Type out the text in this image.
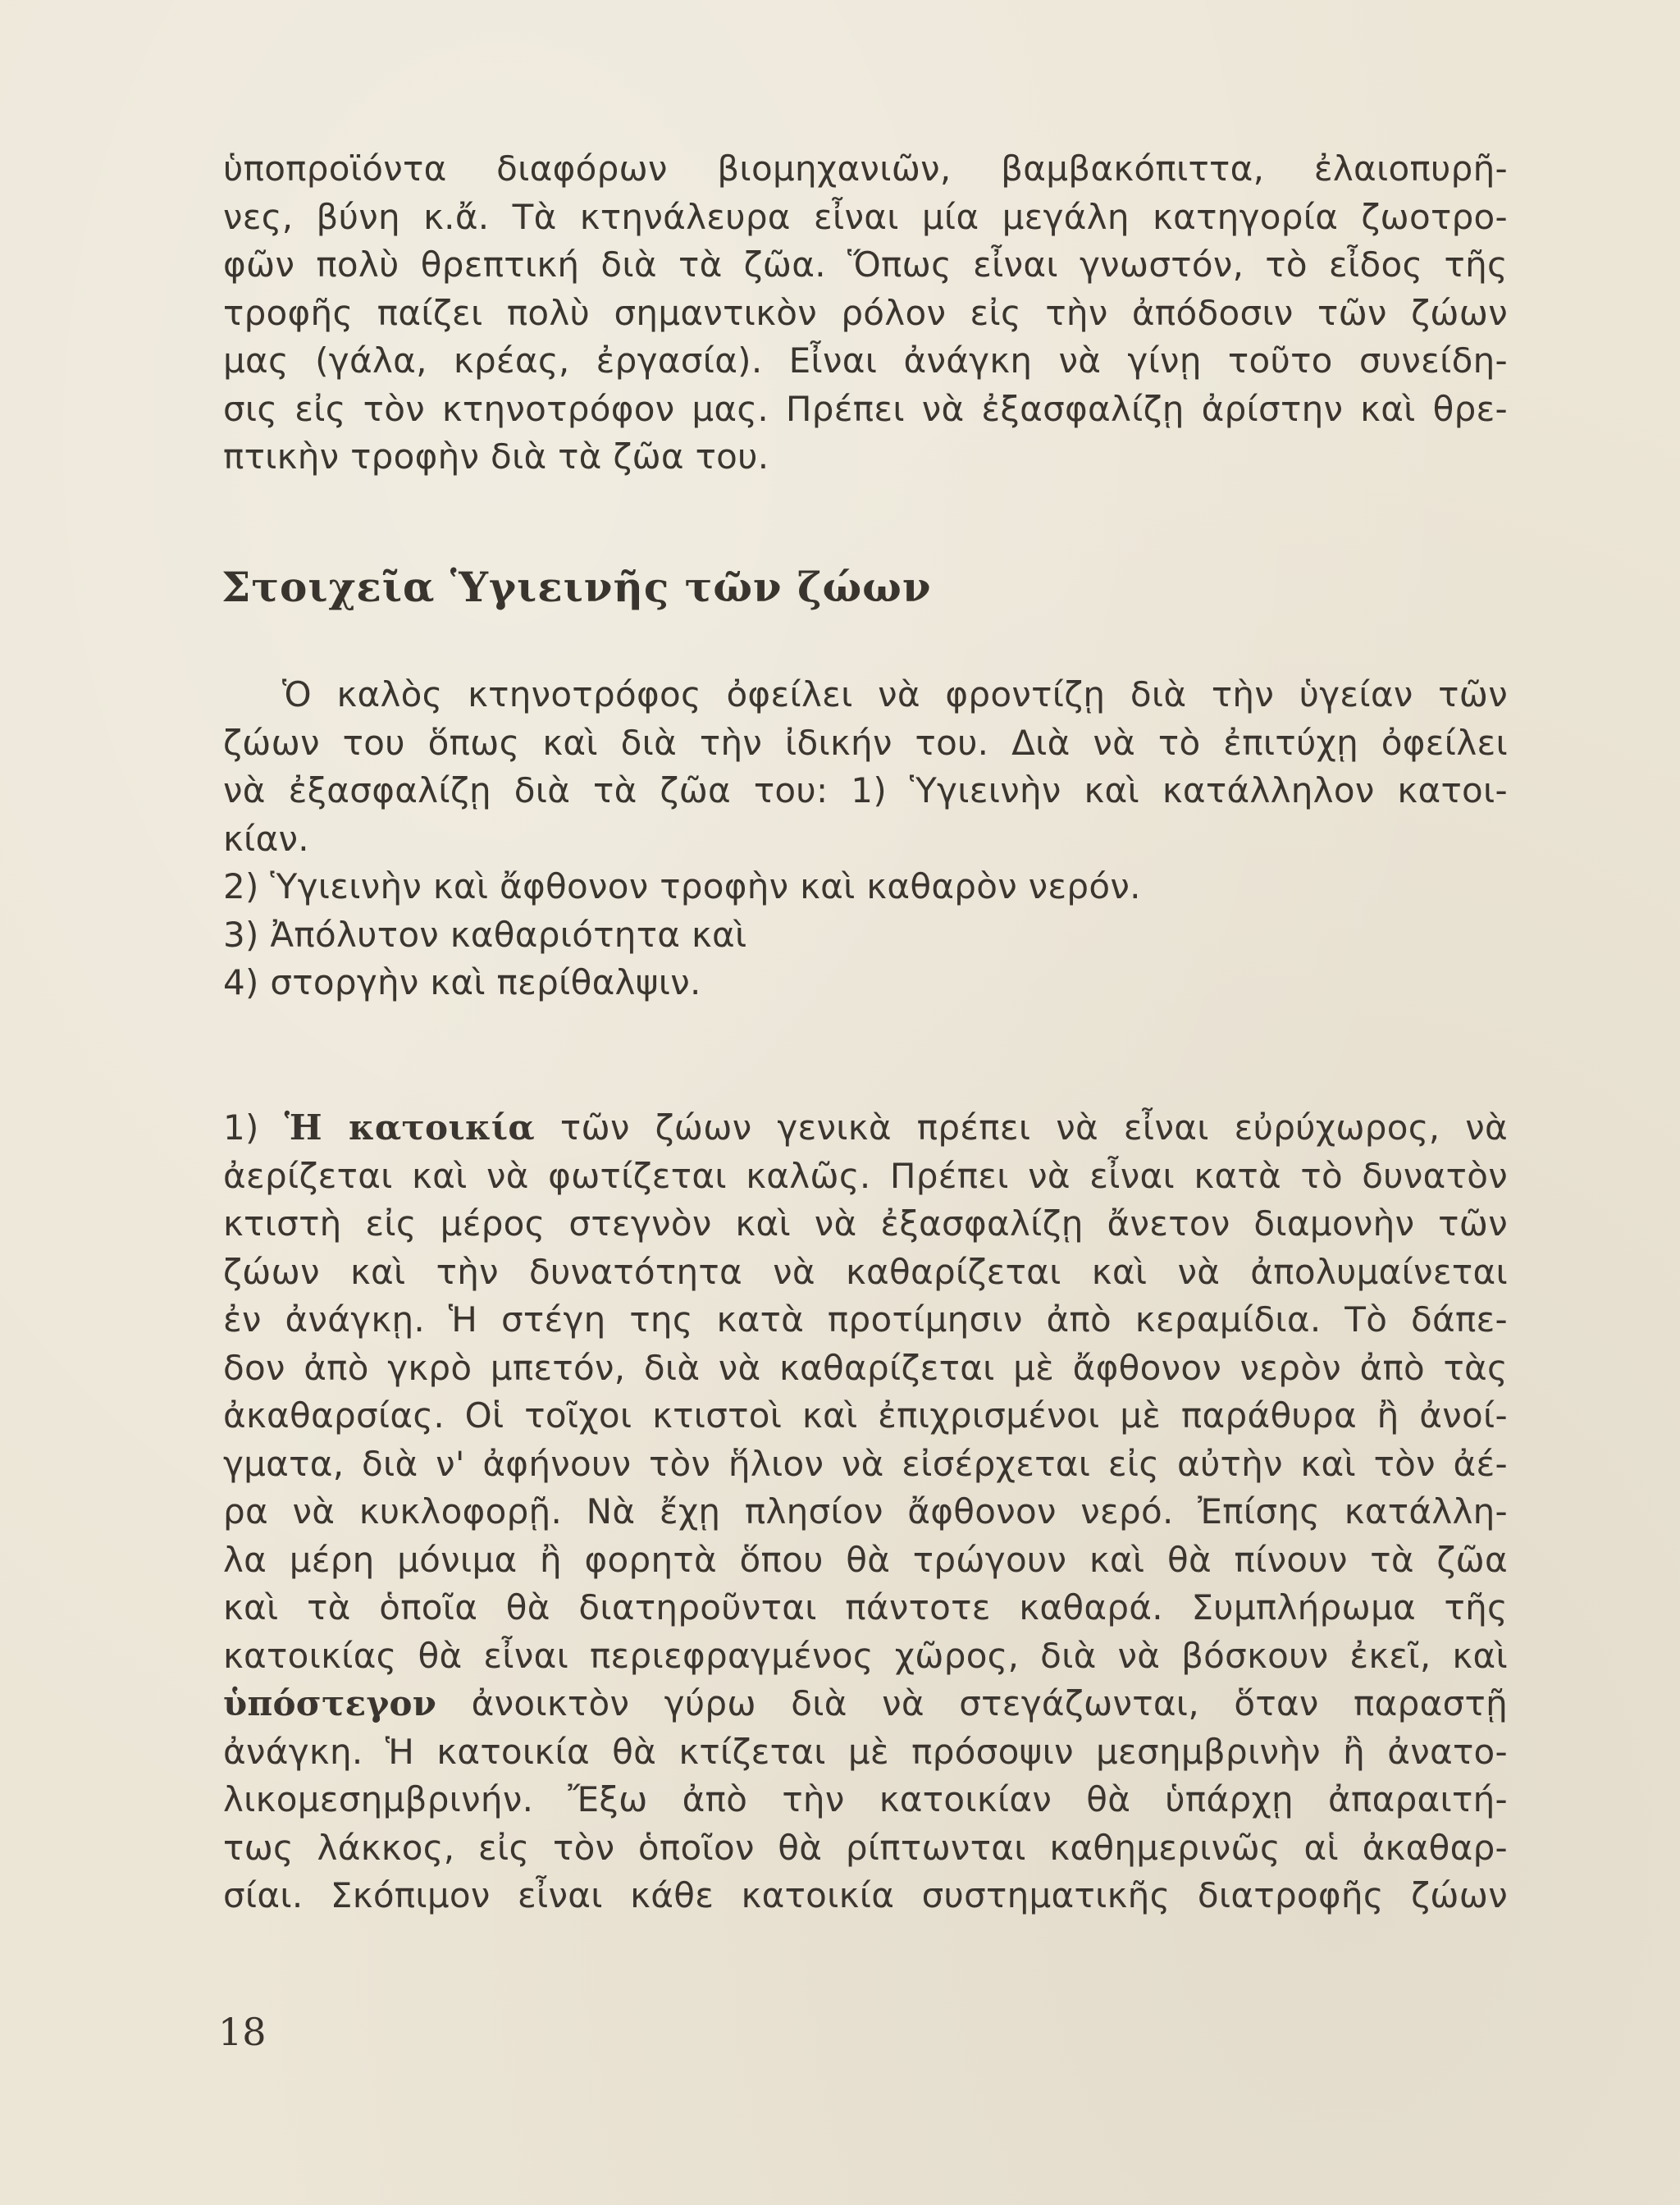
ὑποπροϊόντα διαφόρων βιομηχανιῶν, βαμβακόπιττα, ἐλαιοπυρῆ-
νες, βύνη κ.ἄ. Τὰ κτηνάλευρα εἶναι μία μεγάλη κατηγορία ζωοτρο-
φῶν πολὺ θρεπτική διὰ τὰ ζῶα. Ὅπως εἶναι γνωστόν, τὸ εἶδος τῆς
τροφῆς παίζει πολὺ σημαντικὸν ρόλον εἰς τὴν ἀπόδοσιν τῶν ζώων
μας (γάλα, κρέας, ἐργασία). Εἶναι ἀνάγκη νὰ γίνῃ τοῦτο συνείδη-
σις εἰς τὸν κτηνοτρόφον μας. Πρέπει νὰ ἐξασφαλίζῃ ἀρίστην καὶ θρε-
πτικὴν τροφὴν διὰ τὰ ζῶα του.
Στοιχεῖα Ὑγιεινῆς τῶν ζώων
Ὁ καλὸς κτηνοτρόφος ὀφείλει νὰ φροντίζῃ διὰ τὴν ὑγείαν τῶν
ζώων του ὅπως καὶ διὰ τὴν ἰδικήν του. Διὰ νὰ τὸ ἐπιτύχῃ ὀφείλει
νὰ ἐξασφαλίζῃ διὰ τὰ ζῶα του: 1) Ὑγιεινὴν καὶ κατάλληλον κατοι-
κίαν.
2) Ὑγιεινὴν καὶ ἄφθονον τροφὴν καὶ καθαρὸν νερόν.
3) Ἀπόλυτον καθαριότητα καὶ
4) στοργὴν καὶ περίθαλψιν.
1) Ἡ κατοικία τῶν ζώων γενικὰ πρέπει νὰ εἶναι εὐρύχωρος, νὰ
ἀερίζεται καὶ νὰ φωτίζεται καλῶς. Πρέπει νὰ εἶναι κατὰ τὸ δυνατὸν
κτιστὴ εἰς μέρος στεγνὸν καὶ νὰ ἐξασφαλίζῃ ἄνετον διαμονὴν τῶν
ζώων καὶ τὴν δυνατότητα νὰ καθαρίζεται καὶ νὰ ἀπολυμαίνεται
ἐν ἀνάγκῃ. Ἡ στέγη της κατὰ προτίμησιν ἀπὸ κεραμίδια. Τὸ δάπε-
δον ἀπὸ γκρὸ μπετόν, διὰ νὰ καθαρίζεται μὲ ἄφθονον νερὸν ἀπὸ τὰς
ἀκαθαρσίας. Οἱ τοῖχοι κτιστοὶ καὶ ἐπιχρισμένοι μὲ παράθυρα ἢ ἀνοί-
γματα, διὰ ν' ἀφήνουν τὸν ἥλιον νὰ εἰσέρχεται εἰς αὐτὴν καὶ τὸν ἀέ-
ρα νὰ κυκλοφορῇ. Νὰ ἔχῃ πλησίον ἄφθονον νερό. Ἐπίσης κατάλλη-
λα μέρη μόνιμα ἢ φορητὰ ὅπου θὰ τρώγουν καὶ θὰ πίνουν τὰ ζῶα
καὶ τὰ ὁποῖα θὰ διατηροῦνται πάντοτε καθαρά. Συμπλήρωμα τῆς
κατοικίας θὰ εἶναι περιεφραγμένος χῶρος, διὰ νὰ βόσκουν ἐκεῖ, καὶ
ὑπόστεγον ἀνοικτὸν γύρω διὰ νὰ στεγάζωνται, ὅταν παραστῇ
ἀνάγκη. Ἡ κατοικία θὰ κτίζεται μὲ πρόσοψιν μεσημβρινὴν ἢ ἀνατο-
λικομεσημβρινήν. Ἔξω ἀπὸ τὴν κατοικίαν θὰ ὑπάρχῃ ἀπαραιτή-
τως λάκκος, εἰς τὸν ὁποῖον θὰ ρίπτωνται καθημερινῶς αἱ ἀκαθαρ-
σίαι. Σκόπιμον εἶναι κάθε κατοικία συστηματικῆς διατροφῆς ζώων
18
